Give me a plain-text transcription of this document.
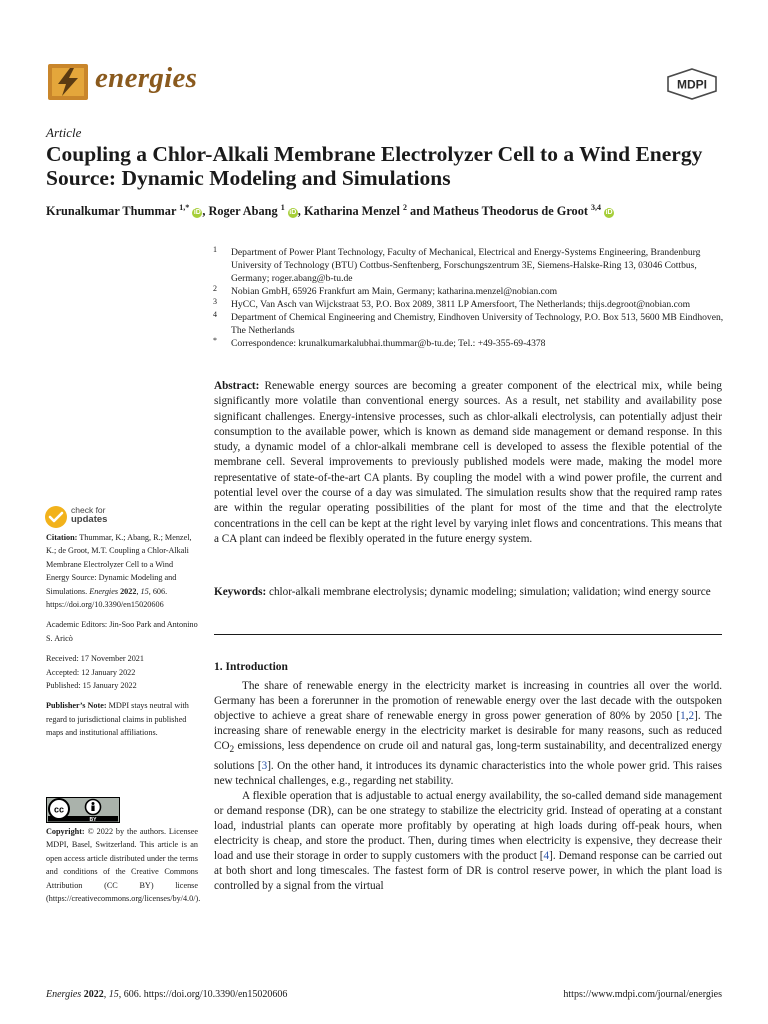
energies	MDPI
Article
Coupling a Chlor-Alkali Membrane Electrolyzer Cell to a Wind Energy Source: Dynamic Modeling and Simulations
Krunalkumar Thummar $^{1,*}$ iD , Roger Abang $^1$ iD , Katharina Menzel $^2$ and Matheus Theodorus de Groot $^{3,4}$ iD
1 Department of Power Plant Technology, Faculty of Mechanical, Electrical and Energy-Systems Engineering, Brandenburg University of Technology (BTU) Cottbus-Senftenberg, Forschungszentrum 3E, Siemens-Halske-Ring 13, 03046 Cottbus, Germany; roger.abang@b-tu.de
2 Nobian GmbH, 65926 Frankfurt am Main, Germany; katharina.menzel@nobian.com
3 HyCC, Van Asch van Wijckstraat 53, P.O. Box 2089, 3811 LP Amersfoort, The Netherlands; thijs.degroot@nobian.com
4 Department of Chemical Engineering and Chemistry, Eindhoven University of Technology, P.O. Box 513, 5600 MB Eindhoven, The Netherlands
* Correspondence: krunalkumarkalubhai.thummar@b-tu.de; Tel.: +49-355-69-4378
Abstract: Renewable energy sources are becoming a greater component of the electrical mix, while being significantly more volatile than conventional energy sources. As a result, net stability and availability pose significant challenges. Energy-intensive processes, such as chlor-alkali electrolysis, can potentially adjust their consumption to the available power, which is known as demand side management or demand response. In this study, a dynamic model of a chlor-alkali membrane cell is developed to assess the flexible potential of the membrane cell. Several improvements to previously published models were made, making the model more representative of state-of-the-art CA plants. By coupling the model with a wind power profile, the current and potential level over the course of a day was simulated. The simulation results show that the required ramp rates are within the regular operating possibilities of the plant for most of the time and that the electrolyte concentrations in the cell can be kept at the right level by varying inlet flows and concentrations. This means that a CA plant can indeed be flexibly operated in the future energy system.
Keywords: chlor-alkali membrane electrolysis; dynamic modeling; simulation; validation; wind energy source
1. Introduction

The share of renewable energy in the electricity market is increasing in countries all over the world. Germany has been a forerunner in the promotion of renewable energy over the last decade with the outspoken objective to achieve a great share of renewable energy in gross power generation of 80% by 2050 [1,2]. The increasing share of renewable energy in the electricity market is desirable for many reasons, such as reduced $CO_2$ emissions, less dependence on crude oil and natural gas, long-term sustainability, and decentralized energy solutions [3]. On the other hand, it introduces its dynamic characteristics into the whole power grid. This raises new technical challenges, e.g., regarding net stability.

A flexible operation that is adjustable to actual energy availability, the so-called demand side management or demand response (DR), can be one strategy to stabilize the electricity grid. Instead of operating at a constant load, industrial plants can operate more profitably by operating at high loads during off-peak hours, when electricity is cheap, and store the product. Then, during times when electricity is expensive, they decrease their load and use their storage in order to supply customers with the product [4]. Demand response can be carried out at both short and long timescales. The fastest form of DR is control reserve power, in which the plant load is controlled by a signal from the virtual

check for
updates

Citation: Thummar, K.; Abang, R.; Menzel, K.; de Groot, M.T. Coupling a Chlor-Alkali Membrane Electrolyzer Cell to a Wind Energy Source: Dynamic Modeling and Simulations. Energies 2022, 15, 606. https://doi.org/10.3390/en15020606

Academic Editors: Jin-Soo Park and Antonino S. Aricò

Received: 17 November 2021
Accepted: 12 January 2022
Published: 15 January 2022

Publisher’s Note: MDPI stays neutral with regard to jurisdictional claims in published maps and institutional affiliations.

cc
BY
Copyright: © 2022 by the authors. Licensee MDPI, Basel, Switzerland. This article is an open access article distributed under the terms and conditions of the Creative Commons Attribution (CC BY) license (https://creativecommons.org/licenses/by/4.0/).
Energies 2022, 15, 606. https://doi.org/10.3390/en15020606	https://www.mdpi.com/journal/energies
